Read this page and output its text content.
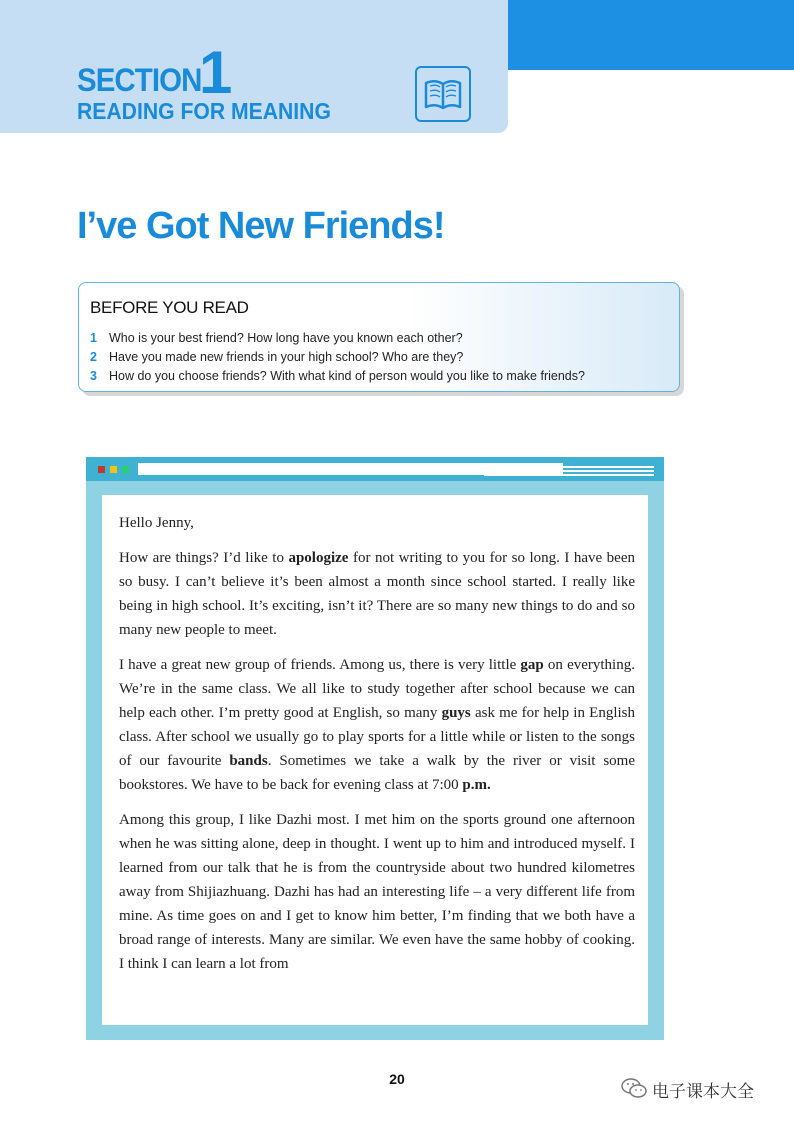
SECTION
1
READING FOR MEANING
I’ve Got New Friends!
BEFORE YOU READ
1 Who is your best friend? How long have you known each other?
2 Have you made new friends in your high school? Who are they?
3 How do you choose friends? With what kind of person would you like to make friends?

Hello Jenny,

How are things? I’d like to apologize for not writing to you for so long. I have been so busy. I can’t believe it’s been almost a month since school started. I really like being in high school. It’s exciting, isn’t it? There are so many new things to do and so many new people to meet.

I have a great new group of friends. Among us, there is very little gap on everything. We’re in the same class. We all like to study together after school because we can help each other. I’m pretty good at English, so many guys ask me for help in English class. After school we usually go to play sports for a little while or listen to the songs of our favourite bands. Sometimes we take a walk by the river or visit some bookstores. We have to be back for evening class at 7:00 p.m.

Among this group, I like Dazhi most. I met him on the sports ground one afternoon when he was sitting alone, deep in thought. I went up to him and introduced myself. I learned from our talk that he is from the countryside about two hundred kilometres away from Shijiazhuang. Dazhi has had an interesting life – a very different life from mine. As time goes on and I get to know him better, I’m finding that we both have a broad range of interests. Many are similar. We even have the same hobby of cooking. I think I can learn a lot from

20
电子课本大全
